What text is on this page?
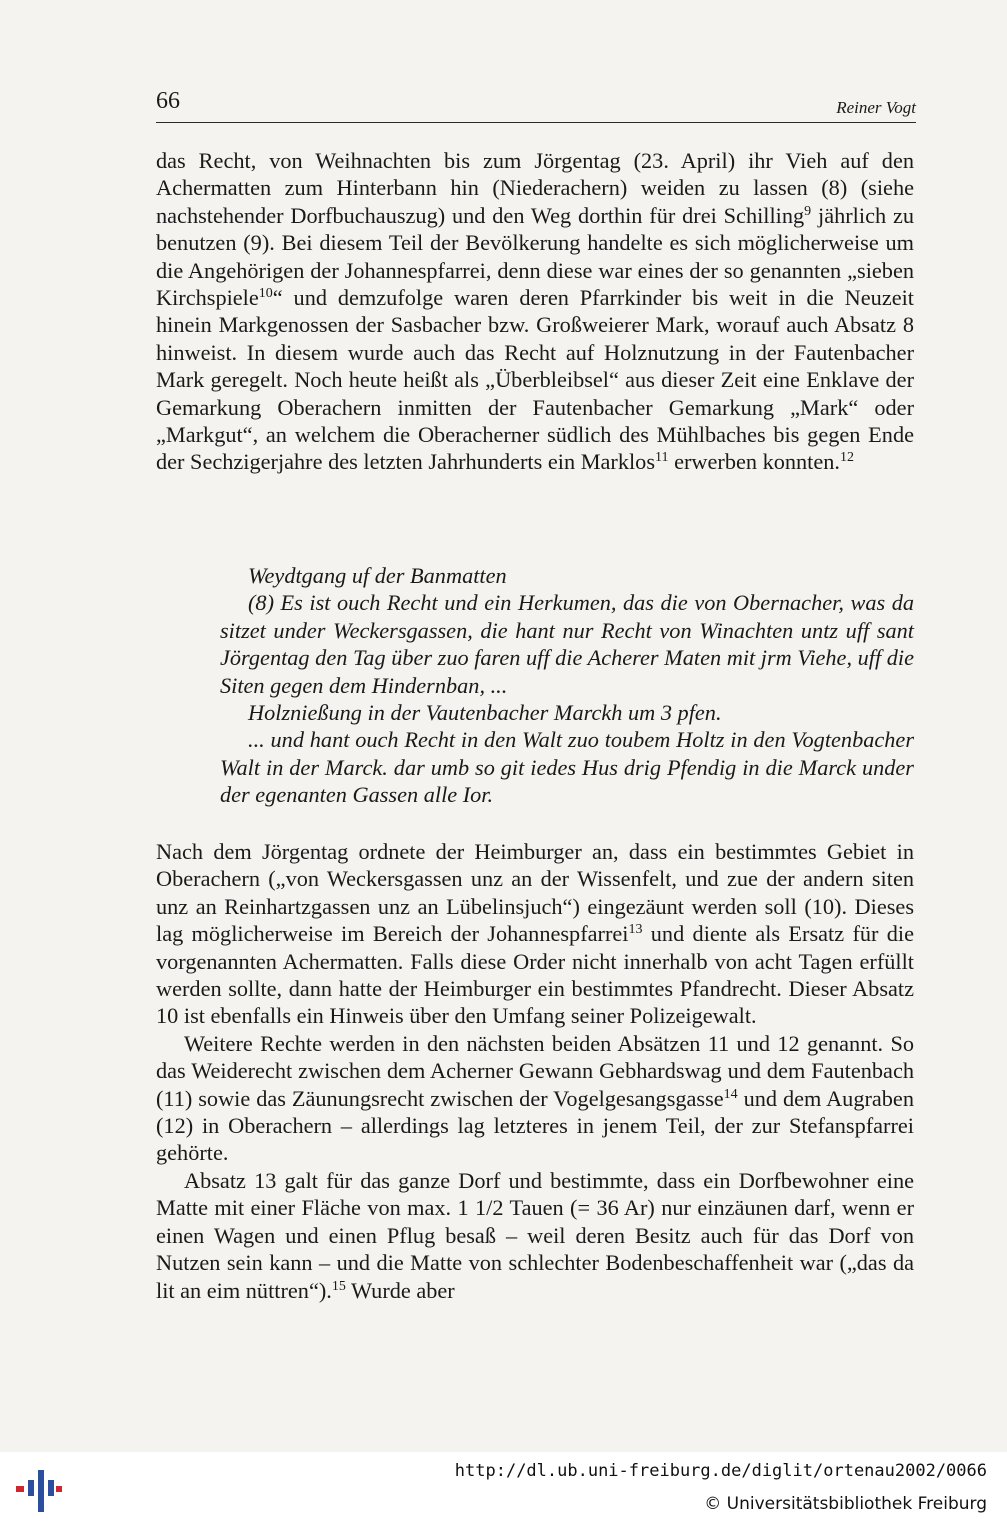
66	Reiner Vogt

das Recht, von Weihnachten bis zum Jörgentag (23. April) ihr Vieh auf den Achermatten zum Hinterbann hin (Niederachern) weiden zu lassen (8) (siehe nachstehender Dorfbuchauszug) und den Weg dorthin für drei Schilling$^9$ jährlich zu benutzen (9). Bei diesem Teil der Bevölkerung handelte es sich möglicherweise um die Angehörigen der Johannespfarrei, denn diese war eines der so genannten „sieben Kirchspiele$^{10}$“ und demzufolge waren deren Pfarrkinder bis weit in die Neuzeit hinein Markgenossen der Sasbacher bzw. Großweierer Mark, worauf auch Absatz 8 hinweist. In diesem wurde auch das Recht auf Holznutzung in der Fautenbacher Mark geregelt. Noch heute heißt als „Überbleibsel“ aus dieser Zeit eine Enklave der Gemarkung Oberachern inmitten der Fautenbacher Gemarkung „Mark“ oder „Markgut“, an welchem die Oberacherner südlich des Mühlbaches bis gegen Ende der Sechzigerjahre des letzten Jahrhunderts ein Marklos$^{11}$ erwerben konnten.$^{12}$

Weydtgang uf der Banmatten

(8) Es ist ouch Recht und ein Herkumen, das die von Obernacher, was da sitzet under Weckersgassen, die hant nur Recht von Winachten untz uff sant Jörgentag den Tag über zuo faren uff die Acherer Maten mit jrm Viehe, uff die Siten gegen dem Hindernban, ...

Holznießung in der Vautenbacher Marckh um 3 pfen.

... und hant ouch Recht in den Walt zuo toubem Holtz in den Vogtenbacher Walt in der Marck. dar umb so git iedes Hus drig Pfendig in die Marck under der egenanten Gassen alle Ior.

Nach dem Jörgentag ordnete der Heimburger an, dass ein bestimmtes Gebiet in Oberachern („von Weckersgassen unz an der Wissenfelt, und zue der andern siten unz an Reinhartzgassen unz an Lübelinsjuch“) eingezäunt werden soll (10). Dieses lag möglicherweise im Bereich der Johannespfarrei$^{13}$ und diente als Ersatz für die vorgenannten Achermatten. Falls diese Order nicht innerhalb von acht Tagen erfüllt werden sollte, dann hatte der Heimburger ein bestimmtes Pfandrecht. Dieser Absatz 10 ist ebenfalls ein Hinweis über den Umfang seiner Polizeigewalt.

Weitere Rechte werden in den nächsten beiden Absätzen 11 und 12 genannt. So das Weiderecht zwischen dem Acherner Gewann Gebhardswag und dem Fautenbach (11) sowie das Zäunungsrecht zwischen der Vogelgesangsgasse$^{14}$ und dem Augraben (12) in Oberachern – allerdings lag letzteres in jenem Teil, der zur Stefanspfarrei gehörte.

Absatz 13 galt für das ganze Dorf und bestimmte, dass ein Dorfbewohner eine Matte mit einer Fläche von max. 1 1/2 Tauen (= 36 Ar) nur einzäunen darf, wenn er einen Wagen und einen Pflug besaß – weil deren Besitz auch für das Dorf von Nutzen sein kann – und die Matte von schlechter Bodenbeschaffenheit war („das da lit an eim nüttren“).$^{15}$ Wurde aber

http://dl.ub.uni-freiburg.de/diglit/ortenau2002/0066
© Universitätsbibliothek Freiburg
